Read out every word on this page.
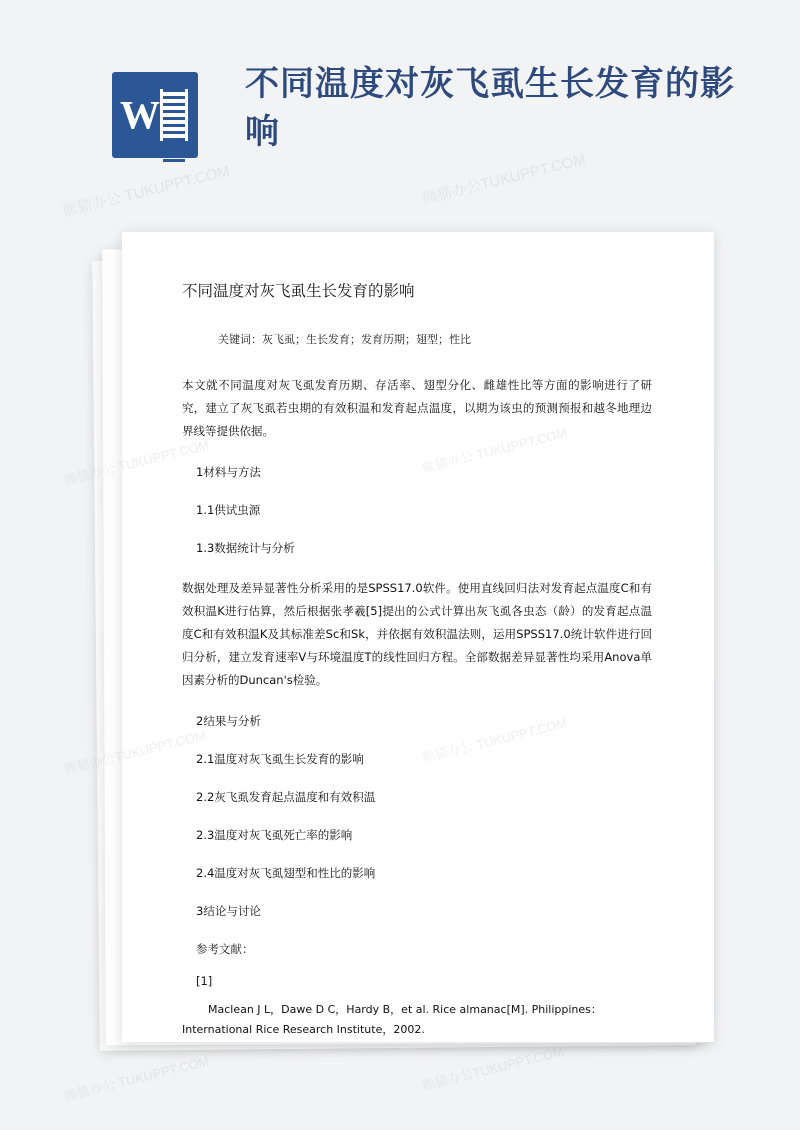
W
不同温度对灰飞虱生长发育的影响
不同温度对灰飞虱生长发育的影响
关键词：灰飞虱；生长发育；发育历期；翅型；性比
本文就不同温度对灰飞虱发育历期、存活率、翅型分化、雌雄性比等方面的影响进行了研究，建立了灰飞虱若虫期的有效积温和发育起点温度，以期为该虫的预测预报和越冬地理边界线等提供依据。
1材料与方法
1.1供试虫源
1.3数据统计与分析
数据处理及差异显著性分析采用的是SPSS17.0软件。使用直线回归法对发育起点温度C和有效积温K进行估算，然后根据张孝羲[5]提出的公式计算出灰飞虱各虫态（龄）的发育起点温度C和有效积温K及其标准差Sc和Sk，并依据有效积温法则，运用SPSS17.0统计软件进行回归分析，建立发育速率V与环境温度T的线性回归方程。全部数据差异显著性均采用Anova单因素分析的Duncan's检验。
2结果与分析
2.1温度对灰飞虱生长发育的影响
2.2灰飞虱发育起点温度和有效积温
2.3温度对灰飞虱死亡率的影响
2.4温度对灰飞虱翅型和性比的影响
3结论与讨论
参考文献：
[1]
Maclean J L，Dawe D C，Hardy B，et al. Rice almanac[M]. Philippines：International Rice Research Institute，2002.
熊猫办公 TUKUPPT.COM	熊猫办公TUKUPPT.COM
熊猫办公
熊猫办公 TUKUPPT.COM	熊猫办公TUKUPPT.COM
